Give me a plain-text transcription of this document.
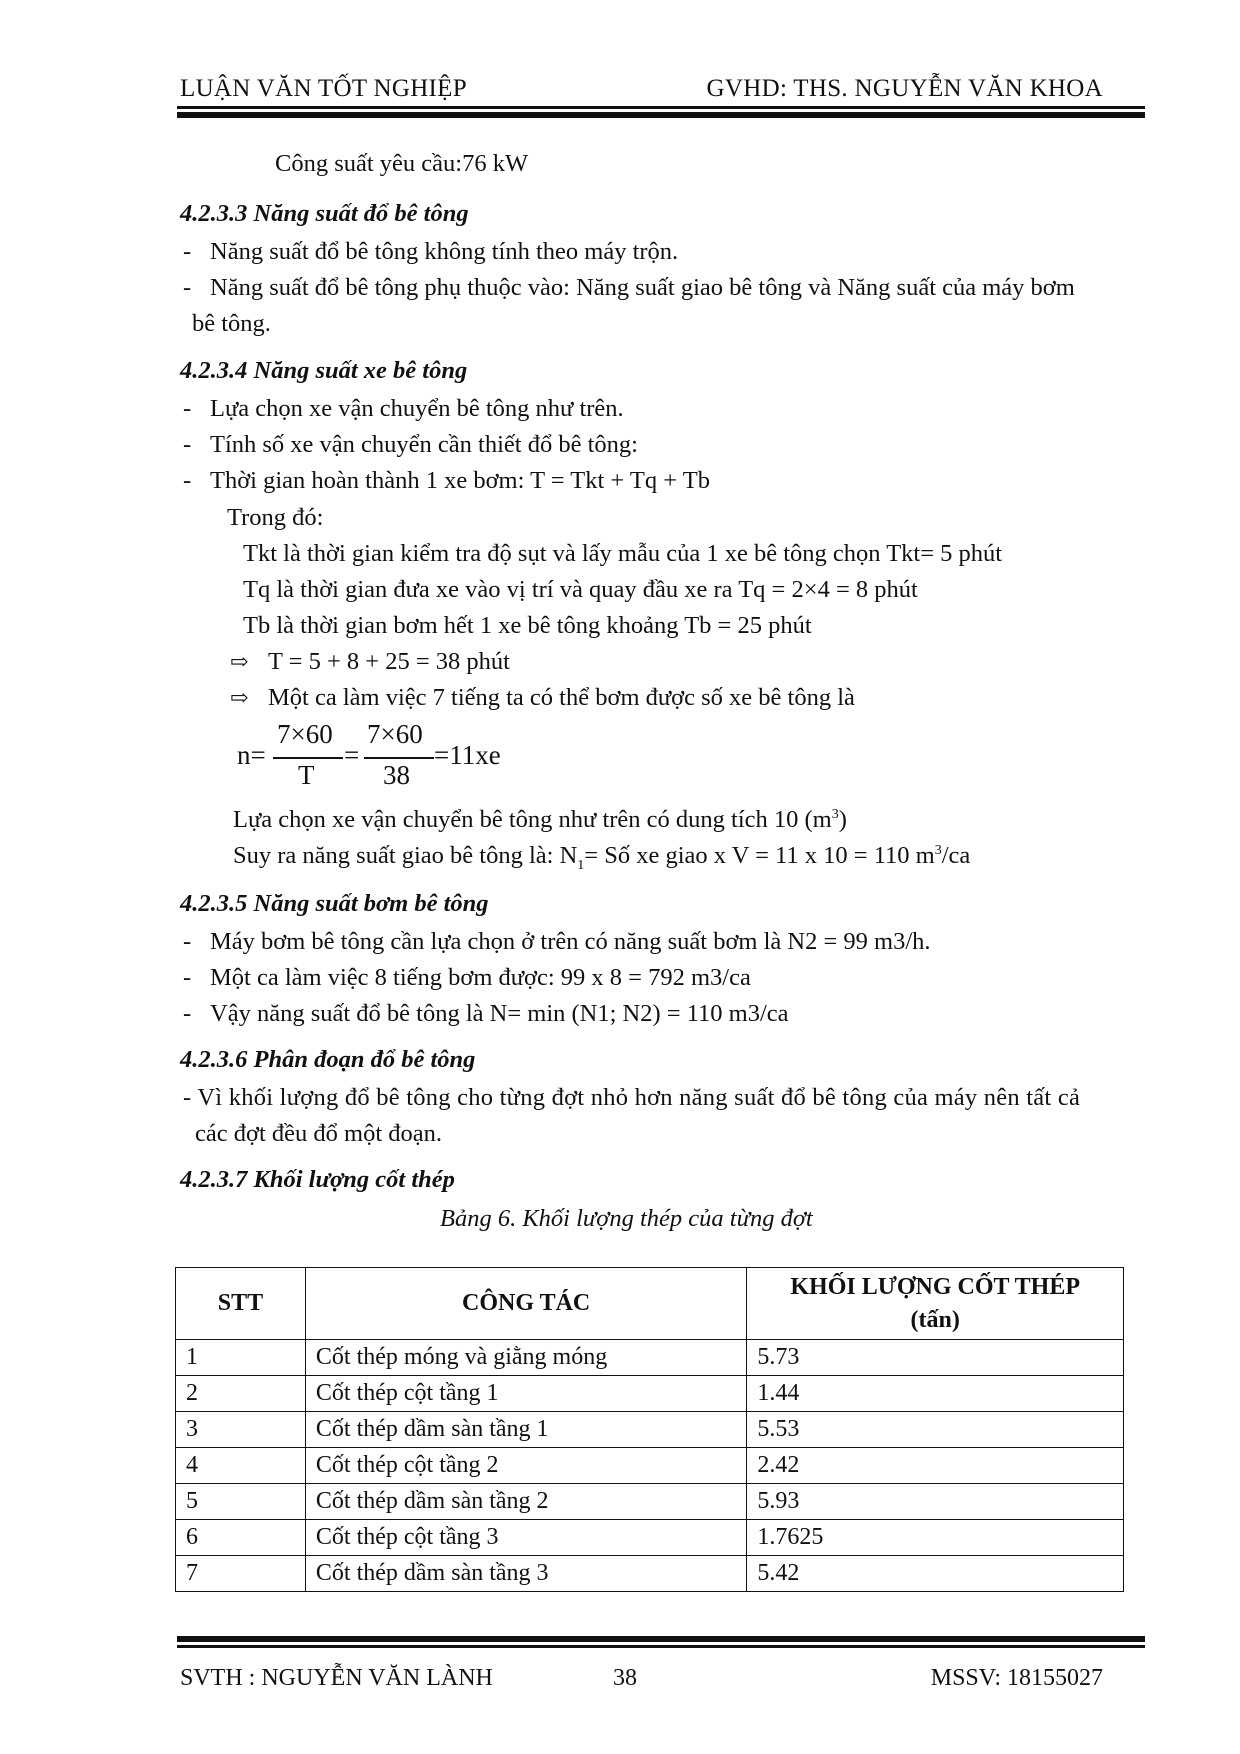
LUẬN VĂN TỐT NGHIỆP	GVHD: THS. NGUYỄN VĂN KHOA
Công suất yêu cầu:76 kW
4.2.3.3 Năng suất đổ bê tông
- Năng suất đổ bê tông không tính theo máy trộn.
- Năng suất đổ bê tông phụ thuộc vào: Năng suất giao bê tông và Năng suất của máy bơm
bê tông.
4.2.3.4 Năng suất xe bê tông
- Lựa chọn xe vận chuyển bê tông như trên.
- Tính số xe vận chuyển cần thiết đổ bê tông:
- Thời gian hoàn thành 1 xe bơm: T = Tkt + Tq + Tb
Trong đó:
Tkt là thời gian kiểm tra độ sụt và lấy mẫu của 1 xe bê tông chọn Tkt= 5 phút
Tq là thời gian đưa xe vào vị trí và quay đầu xe ra Tq = 2×4 = 8 phút
Tb là thời gian bơm hết 1 xe bê tông khoảng Tb = 25 phút
⇨ T = 5 + 8 + 25 = 38 phút
⇨ Một ca làm việc 7 tiếng ta có thể bơm được số xe bê tông là
n=
7×60
T
=
7×60
38
=11xe
Lựa chọn xe vận chuyển bê tông như trên có dung tích 10 $(m^3)$
Suy ra năng suất giao bê tông là: $N_1=$ Số xe giao x V = 11 x 10 = 110 $m^3/ca$
4.2.3.5 Năng suất bơm bê tông
- Máy bơm bê tông cần lựa chọn ở trên có năng suất bơm là N2 = 99 m3/h.
- Một ca làm việc 8 tiếng bơm được: 99 x 8 = 792 m3/ca
- Vậy năng suất đổ bê tông là N= min (N1; N2) = 110 m3/ca
4.2.3.6 Phân đoạn đổ bê tông
- Vì khối lượng đổ bê tông cho từng đợt nhỏ hơn năng suất đổ bê tông của máy nên tất cả
các đợt đều đổ một đoạn.
4.2.3.7 Khối lượng cốt thép
Bảng 6. Khối lượng thép của từng đợt
STT	CÔNG TÁC	KHỐI LƯỢNG CỐT THÉP
(tấn)
1	Cốt thép móng và giằng móng	5.73
2	Cốt thép cột tầng 1	1.44
3	Cốt thép dầm sàn tầng 1	5.53
4	Cốt thép cột tầng 2	2.42
5	Cốt thép dầm sàn tầng 2	5.93
6	Cốt thép cột tầng 3	1.7625
7	Cốt thép dầm sàn tầng 3	5.42
SVTH : NGUYỄN VĂN LÀNH	38	MSSV: 18155027
